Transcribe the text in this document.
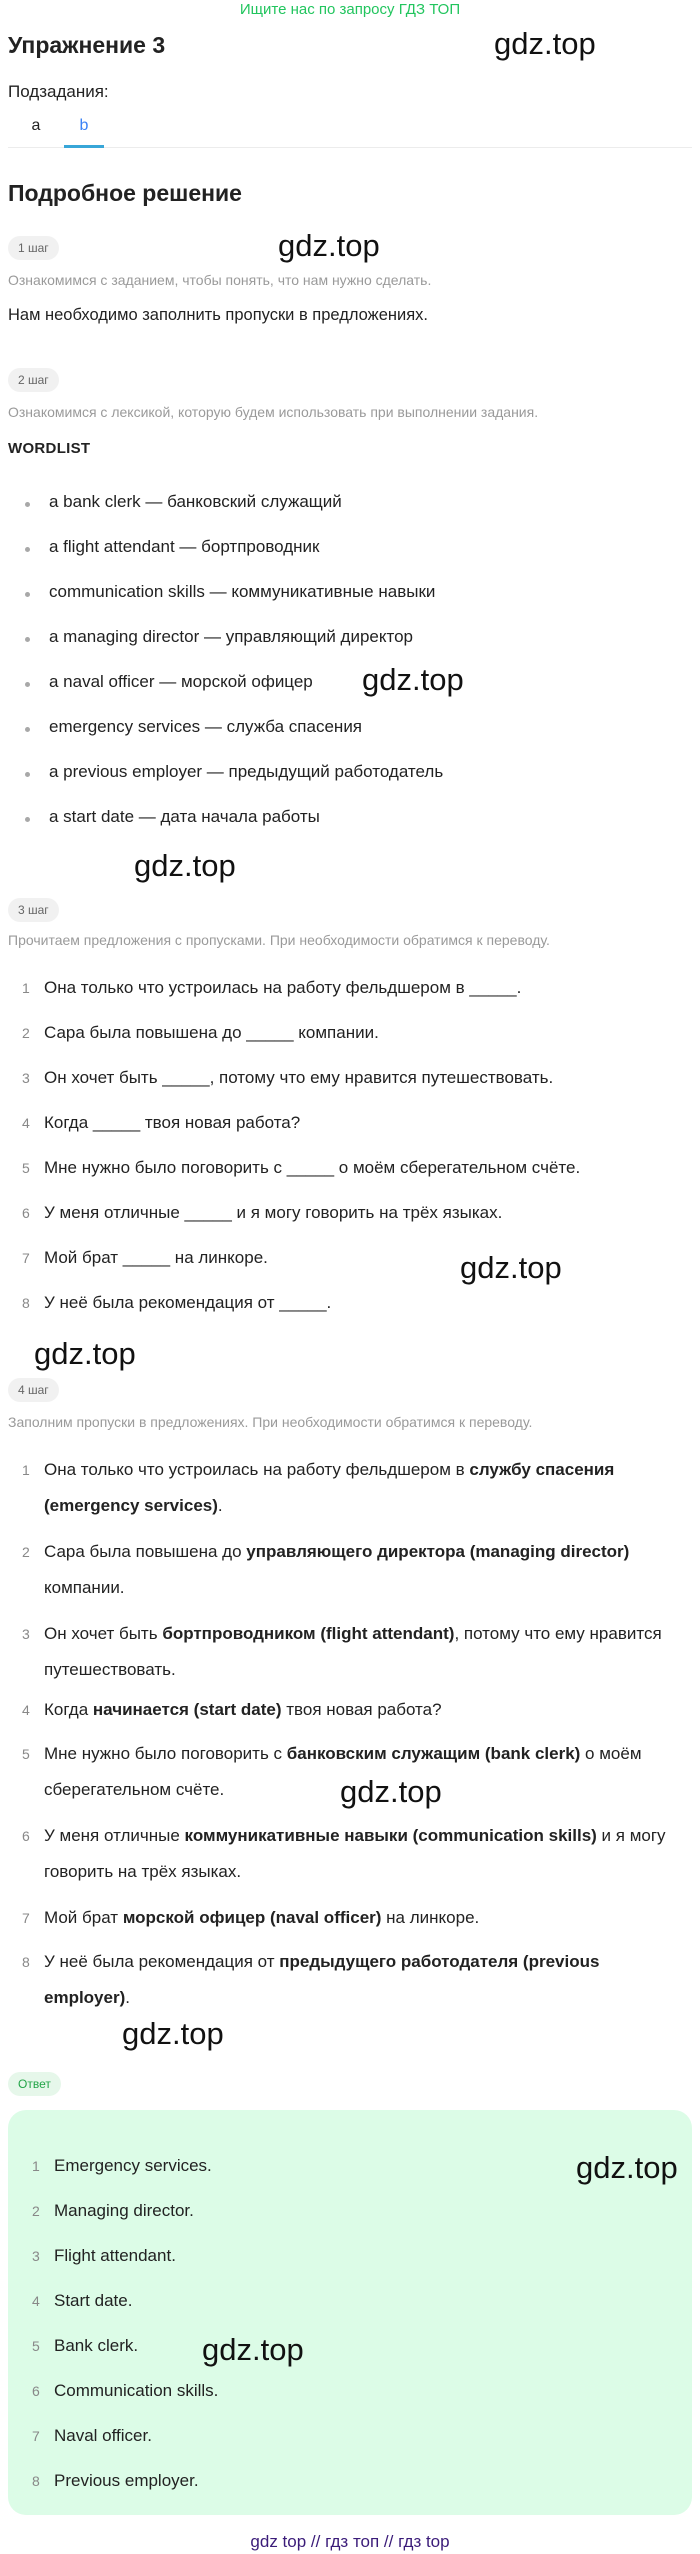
Ищите нас по запросу ГДЗ ТОП
Упражнение 3
Подзадания:
a	b
Подробное решение
1 шаг
Ознакомимся с заданием, чтобы понять, что нам нужно сделать.
Нам необходимо заполнить пропуски в предложениях.
2 шаг
Ознакомимся с лексикой, которую будем использовать при выполнении задания.
WORDLIST
a bank clerk — банковский служащий
a flight attendant — бортпроводник
communication skills — коммуникативные навыки
a managing director — управляющий директор
a naval officer — морской офицер
emergency services — служба спасения
a previous employer — предыдущий работодатель
a start date — дата начала работы
3 шаг
Прочитаем предложения с пропусками. При необходимости обратимся к переводу.
1 Она только что устроилась на работу фельдшером в _____.
2 Сара была повышена до _____ компании.
3 Он хочет быть _____, потому что ему нравится путешествовать.
4 Когда _____ твоя новая работа?
5 Мне нужно было поговорить с _____ о моём сберегательном счёте.
6 У меня отличные _____ и я могу говорить на трёх языках.
7 Мой брат _____ на линкоре.
8 У неё была рекомендация от _____.
4 шаг
Заполним пропуски в предложениях. При необходимости обратимся к переводу.
1 Она только что устроилась на работу фельдшером в службу спасения
(emergency services).
2 Сара была повышена до управляющего директора (managing director)
компании.
3 Он хочет быть бортпроводником (flight attendant), потому что ему нравится путешествовать.
4 Когда начинается (start date) твоя новая работа?
5 Мне нужно было поговорить с банковским служащим (bank clerk) о моём сберегательном счёте.
6 У меня отличные коммуникативные навыки (communication skills) и я могу говорить на трёх языках.
7 Мой брат морской офицер (naval officer) на линкоре.
8 У неё была рекомендация от предыдущего работодателя (previous employer).
Ответ
1 Emergency services.
2 Managing director.
3 Flight attendant.
4 Start date.
5 Bank clerk.
6 Communication skills.
7 Naval officer.
8 Previous employer.
gdz.top
gdz.top
gdz.top
gdz.top
gdz.top
gdz.top
gdz.top
gdz.top
gdz.top
gdz.top
gdz top // гдз топ // гдз top
